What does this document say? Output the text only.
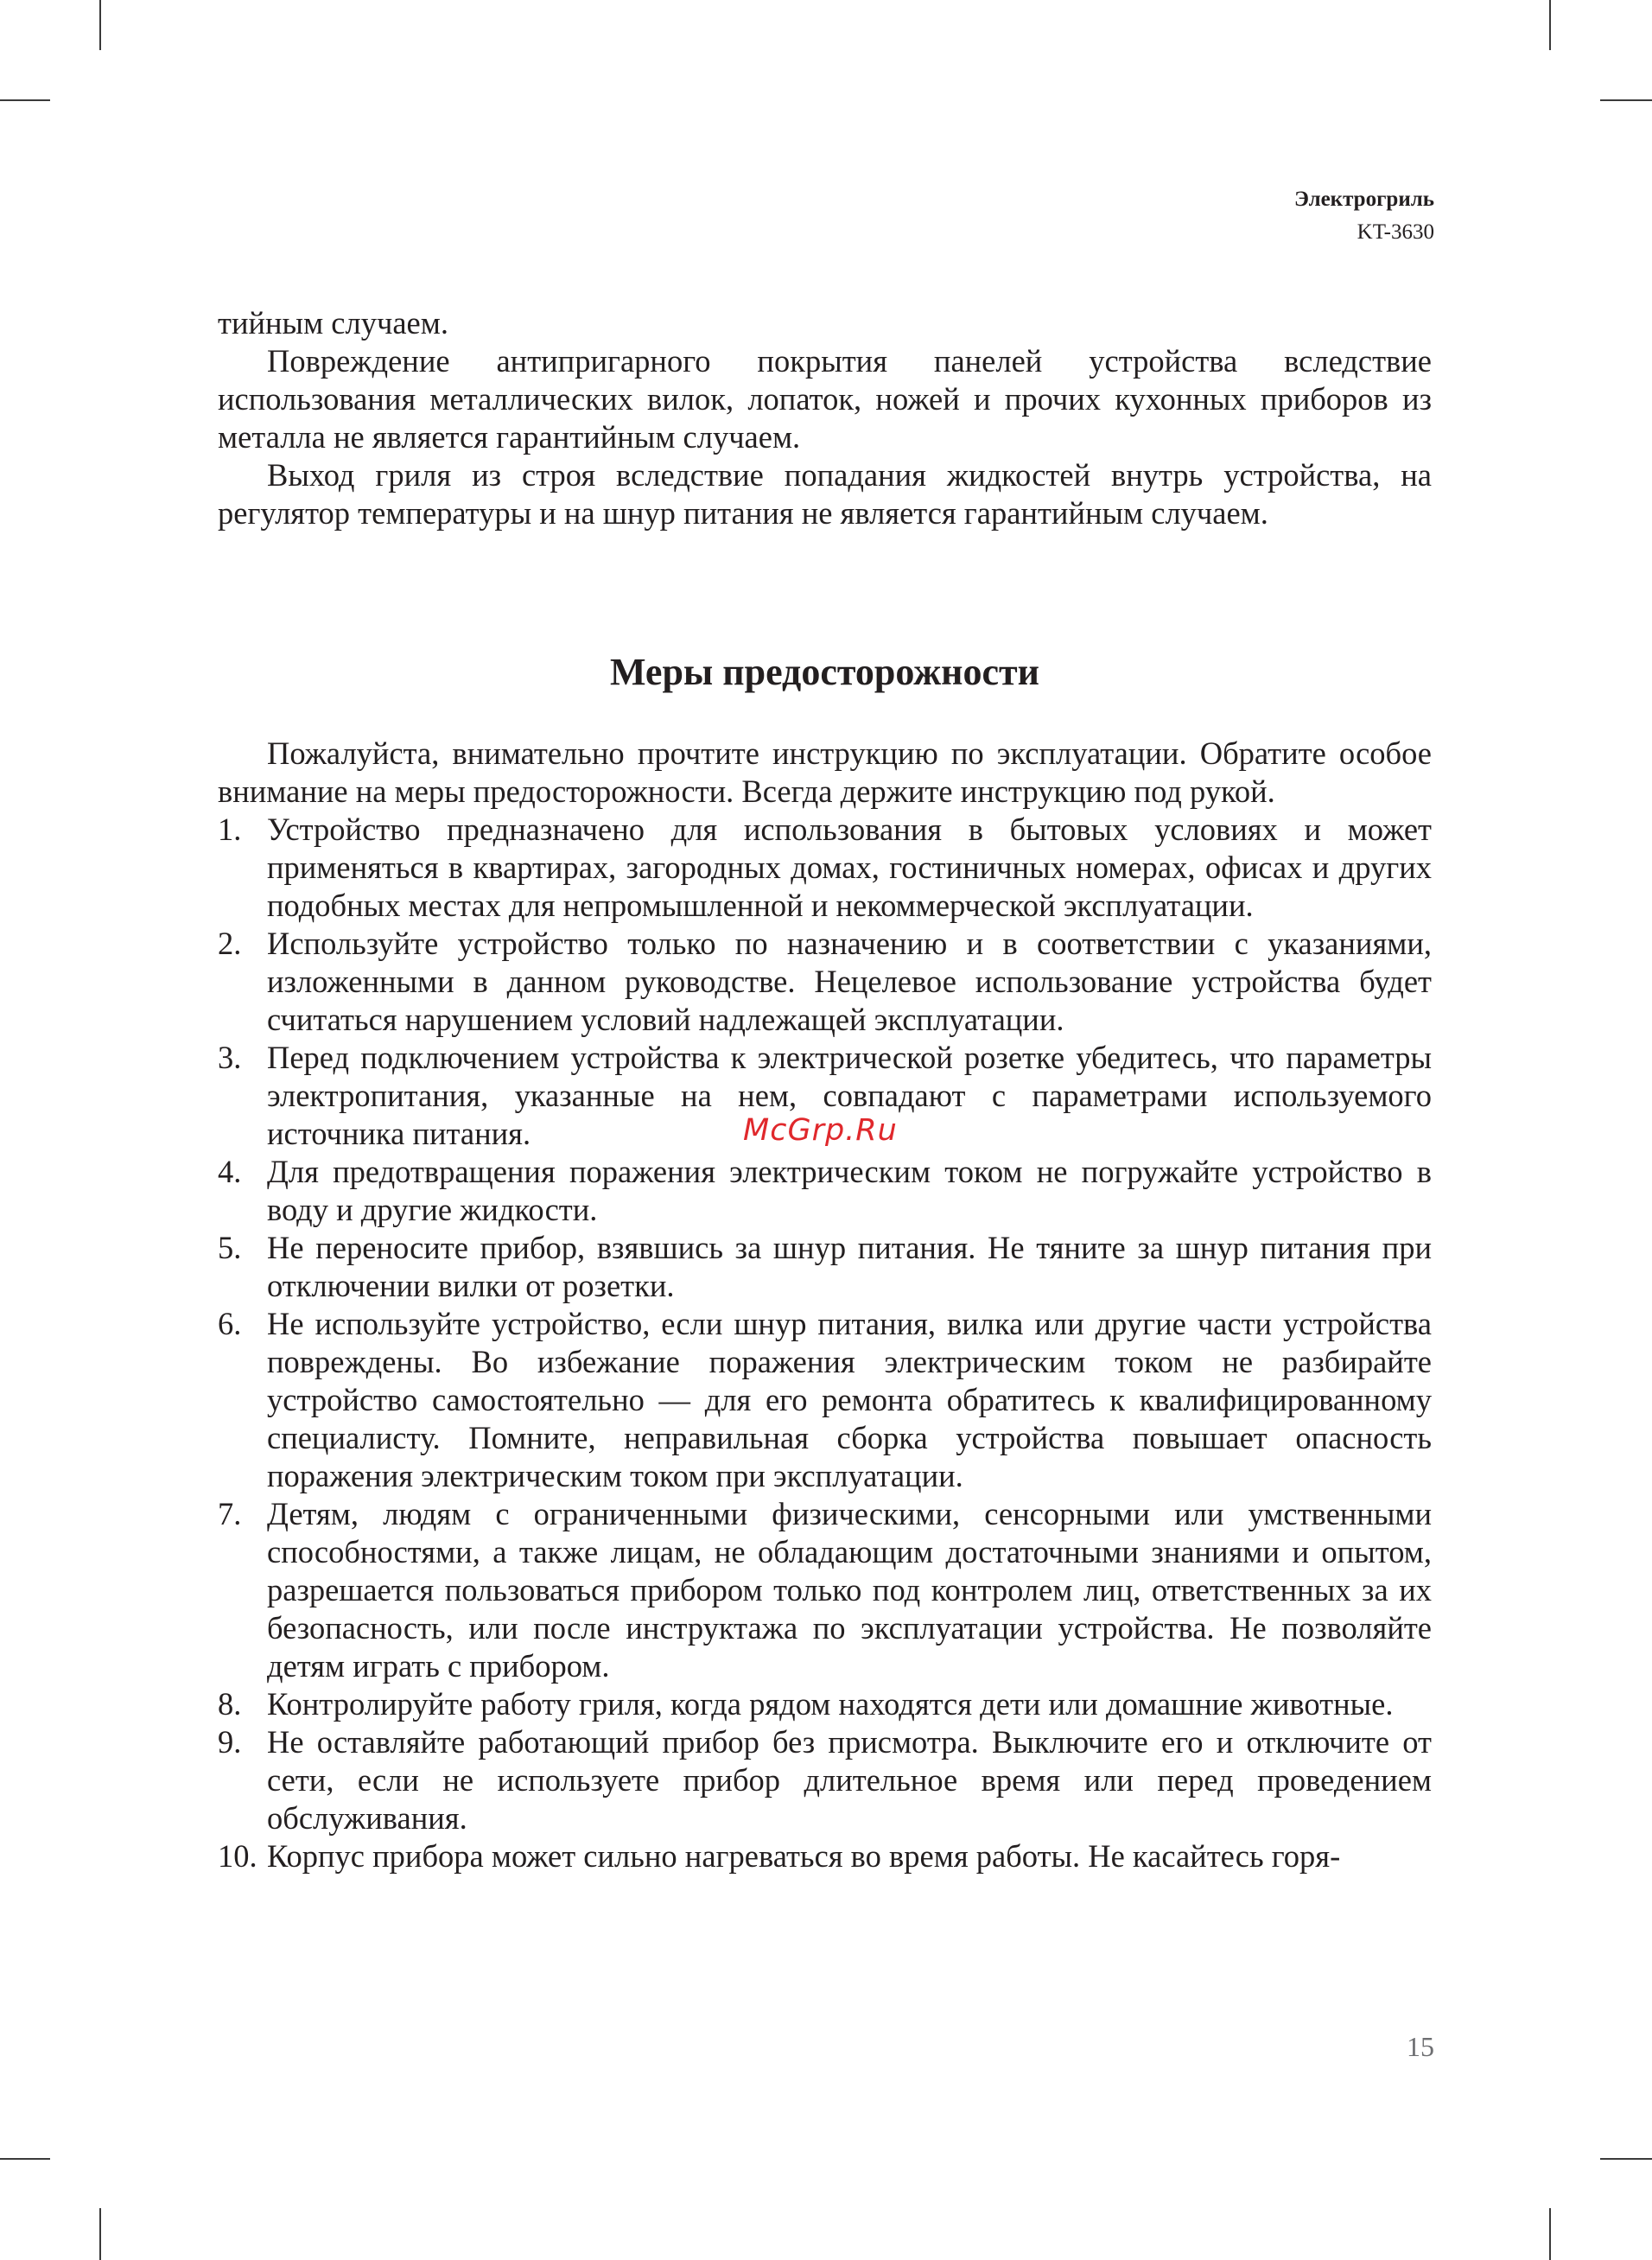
Электрогриль
KT-3630

тийным случаем.

Повреждение антипригарного покрытия панелей устройства вследствие использования металлических вилок, лопаток, ножей и прочих кухонных приборов из металла не является гарантийным случаем.

Выход гриля из строя вследствие попадания жидкостей внутрь устройства, на регулятор температуры и на шнур питания не является гарантийным случаем.

Меры предосторожности

Пожалуйста, внимательно прочтите инструкцию по эксплуатации. Обратите особое внимание на меры предосторожности. Всегда держите инструкцию под рукой.

1. Устройство предназначено для использования в бытовых условиях и может применяться в квартирах, загородных домах, гостиничных номерах, офисах и других подобных местах для непромышленной и некоммерческой эксплуатации.
2. Используйте устройство только по назначению и в соответствии с указаниями, изложенными в данном руководстве. Нецелевое использование устройства будет считаться нарушением условий надлежащей эксплуатации.
3. Перед подключением устройства к электрической розетке убедитесь, что параметры электропитания, указанные на нем, совпадают с параметрами используемого источника питания.
4. Для предотвращения поражения электрическим током не погружайте устройство в воду и другие жидкости.
5. Не переносите прибор, взявшись за шнур питания. Не тяните за шнур питания при отключении вилки от розетки.
6. Не используйте устройство, если шнур питания, вилка или другие части устройства повреждены. Во избежание поражения электрическим током не разбирайте устройство самостоятельно — для его ремонта обратитесь к квалифицированному специалисту. Помните, неправильная сборка устройства повышает опасность поражения электрическим током при эксплуатации.
7. Детям, людям с ограниченными физическими, сенсорными или умственными способностями, а также лицам, не обладающим достаточными знаниями и опытом, разрешается пользоваться прибором только под контролем лиц, ответственных за их безопасность, или после инструктажа по эксплуатации устройства. Не позволяйте детям играть с прибором.
8. Контролируйте работу гриля, когда рядом находятся дети или домашние животные.
9. Не оставляйте работающий прибор без присмотра. Выключите его и отключите от сети, если не используете прибор длительное время или перед проведением обслуживания.
10. Корпус прибора может сильно нагреваться во время работы. Не касайтесь горя-
McGrp.Ru
15
